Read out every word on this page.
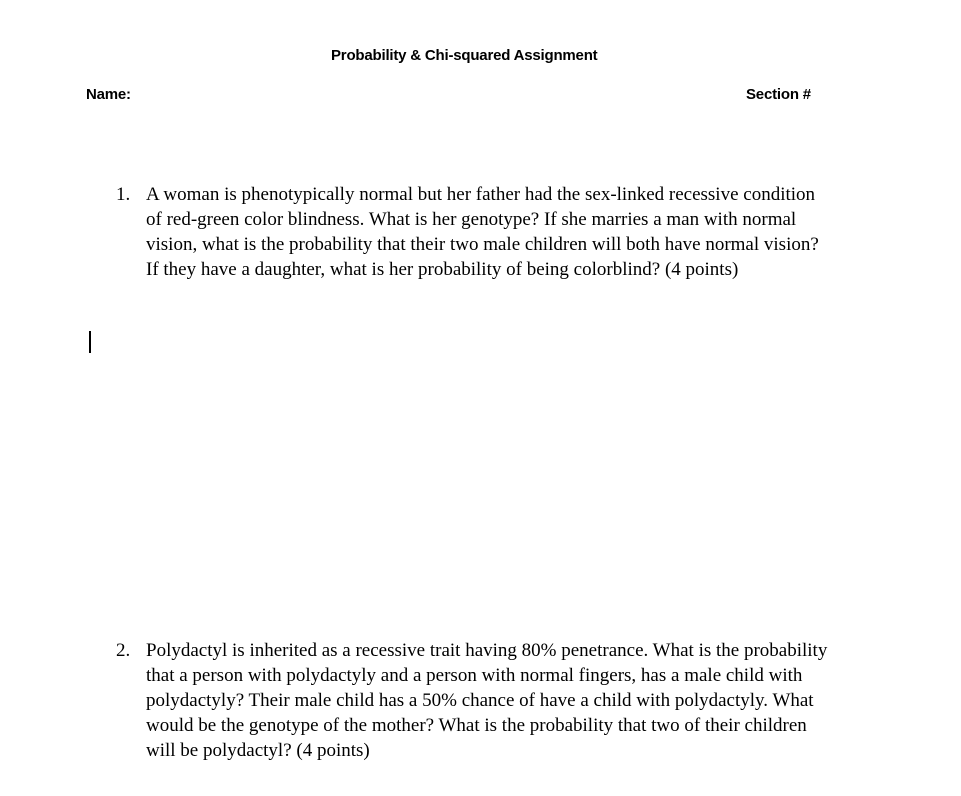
Probability & Chi-squared Assignment
Name:	Section #
1. A woman is phenotypically normal but her father had the sex-linked recessive condition
of red-green color blindness. What is her genotype? If she marries a man with normal
vision, what is the probability that their two male children will both have normal vision?
If they have a daughter, what is her probability of being colorblind? (4 points)
2. Polydactyl is inherited as a recessive trait having 80% penetrance. What is the probability
that a person with polydactyly and a person with normal fingers, has a male child with
polydactyly? Their male child has a 50% chance of have a child with polydactyly. What
would be the genotype of the mother? What is the probability that two of their children
will be polydactyl? (4 points)
